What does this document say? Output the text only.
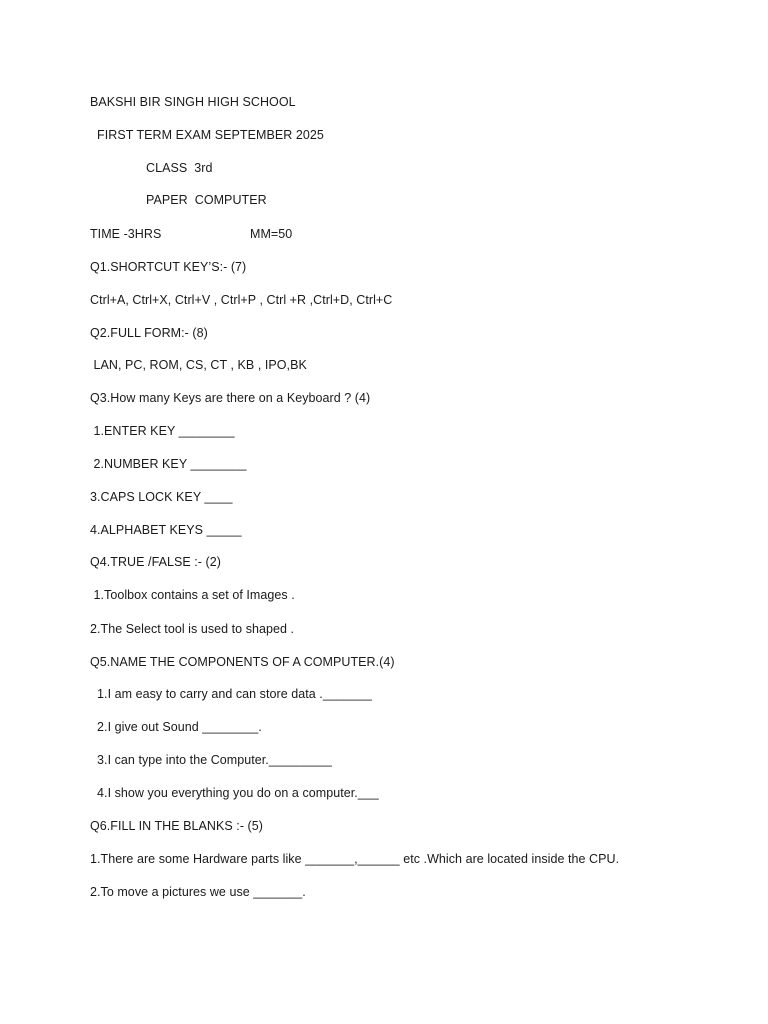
BAKSHI BIR SINGH HIGH SCHOOL
FIRST TERM EXAM SEPTEMBER 2025
CLASS  3rd
PAPER  COMPUTER
TIME -3HRS	MM=50
Q1.SHORTCUT KEY’S:- (7)
Ctrl+A, Ctrl+X, Ctrl+V , Ctrl+P , Ctrl +R ,Ctrl+D, Ctrl+C
Q2.FULL FORM:- (8)
LAN, PC, ROM, CS, CT , KB , IPO,BK
Q3.How many Keys are there on a Keyboard ? (4)
1.ENTER KEY ________
2.NUMBER KEY ________
3.CAPS LOCK KEY ____
4.ALPHABET KEYS _____
Q4.TRUE /FALSE :- (2)
1.Toolbox contains a set of Images .
2.The Select tool is used to shaped .
Q5.NAME THE COMPONENTS OF A COMPUTER.(4)
1.I am easy to carry and can store data ._______
2.I give out Sound ________.
3.I can type into the Computer._________
4.I show you everything you do on a computer.___
Q6.FILL IN THE BLANKS :- (5)
1.There are some Hardware parts like _______,______ etc .Which are located inside the CPU.
2.To move a pictures we use _______.
